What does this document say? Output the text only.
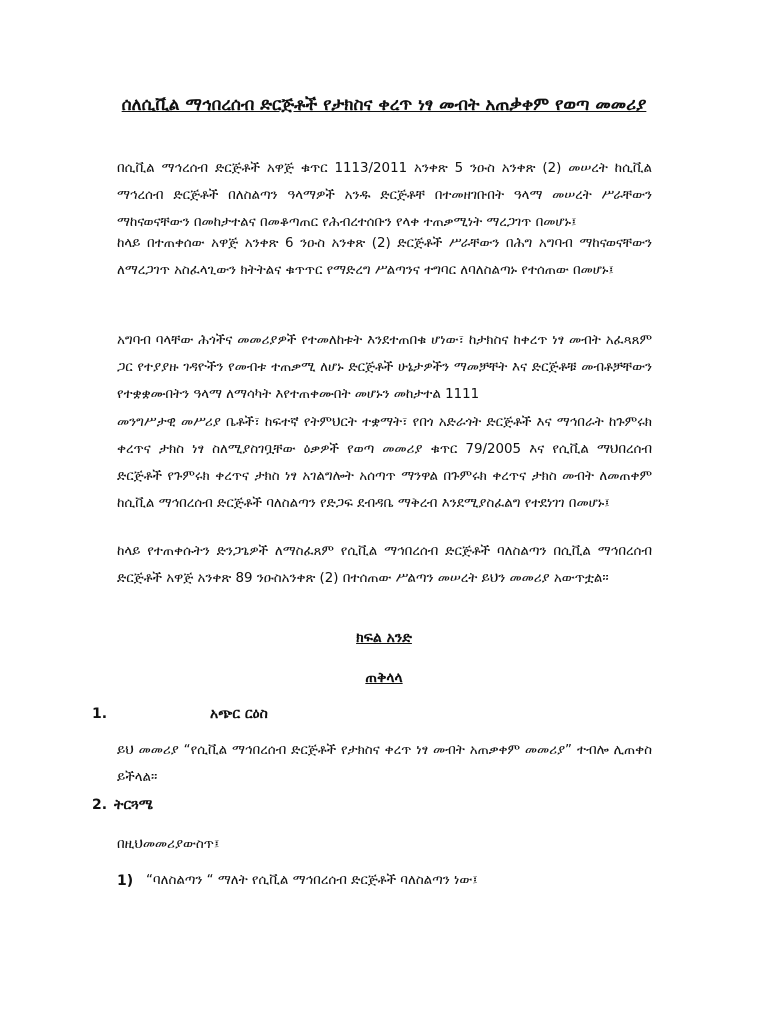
ሰለሲቪል ማኅበረሰብ ድርጅቶች የታክስና ቀረጥ ነፃ መብት አጠቃቀም የወጣ መመሪያ

በሲቪል ማኅረሰብ ድርጅቶች አዋጅ ቁጥር 1113/2011 አንቀጽ 5 ንዑስ አንቀጽ (2) መሠረት ከሲቪል ማኅረሰብ ድርጅቶች በለስልጣን ዓላማዎች አንዱ ድርጅቶቸ በተመዘገቡበት ዓላማ መሠረት ሥራቸውን ማከናወናቸውን በመከታተልና በመቆጣጠር የሕብረተሰቡን የላቀ ተጠቃሚነት ማረጋገጥ በመሆኑ፤

ከላይ በተጠቀሰው አዋጅ አንቀጽ 6 ንዑስ አንቀጽ (2) ድርጅቶች ሥራቸውን በሕግ አግባብ ማከናወናቸውን ለማረጋገጥ አስፈላጊውን ክትትልና ቁጥጥር የማድረግ ሥልጣንና ተግባር ለባለስልጣኑ የተሰጠው በመሆኑ፤

አግባብ ባላቸው ሕጎችና መመሪያዎች የተመለከቱት እንደተጠበቁ ሆነው፣ ከታክስና ከቀረጥ ነፃ መብት አፈጻጸም ጋር የተያያዙ ገዳዮችን የመብቱ ተጠቃሚ ለሆኑ ድርጅቶች ሁኔታዎችን ማመቻቸት እና ድርጅቶቹ መብቶቻቸውን የተቋቋሙበትን ዓላማ ለማሳካት እየተጠቀሙበት መሆኑን መከታተል 1111

መንግሥታዊ መሥሪያ ቤቶች፣ ከፍተኛ የትምህርት ተቋማት፣ የበጎ አድራጎት ድርጅቶች እና ማኅበራት ከጉምሩክ ቀረጥና ታክስ ነፃ ስለሚያስገቧቸው ዕቃዎች የወጣ መመሪያ ቁጥር 79/2005 እና የሲቪል ማህበረሰብ ድርጅቶች የጉምሩክ ቀረጥና ታክስ ነፃ አገልግሎት አሰጣጥ ማንዋል በጉምሩክ ቀረጥና ታክስ መብት ለመጠቀም ከሲቪል ማኅበረሰብ ድርጅቶች ባለስልጣን የድጋፍ ደብዳቤ ማቅረብ እንደሚያስፈልግ የተደነገገ በመሆኑ፤

ከላይ የተጠቀሱትን ድንጋጌዎች ለማስፈጸም የሲቪል ማኅበረሰብ ድርጅቶች ባለስልጣን በሲቪል ማኅበረሰብ ድርጅቶች አዋጅ አንቀጽ 89 ንዑስአንቀጽ (2) በተሰጠው ሥልጣን መሠረት ይህን መመሪያ አውጥቷል።

ክፍል አንድ
ጠቅላላ
1.	አጭር ርዕስ

ይህ መመሪያ “የሲቪል ማኅበረሰብ ድርጅቶች የታክስና ቀረጥ ነፃ መብት አጠቃቀም መመሪያ” ተብሎ ሊጠቀስ ይችላል።

2. ትርጓሜ
በዚህመመሪያውስጥ፤
1) “ባለስልጣን “ ማለት የሲቪል ማኅበረሰብ ድርጅቶች ባለስልጣን ነው፤
